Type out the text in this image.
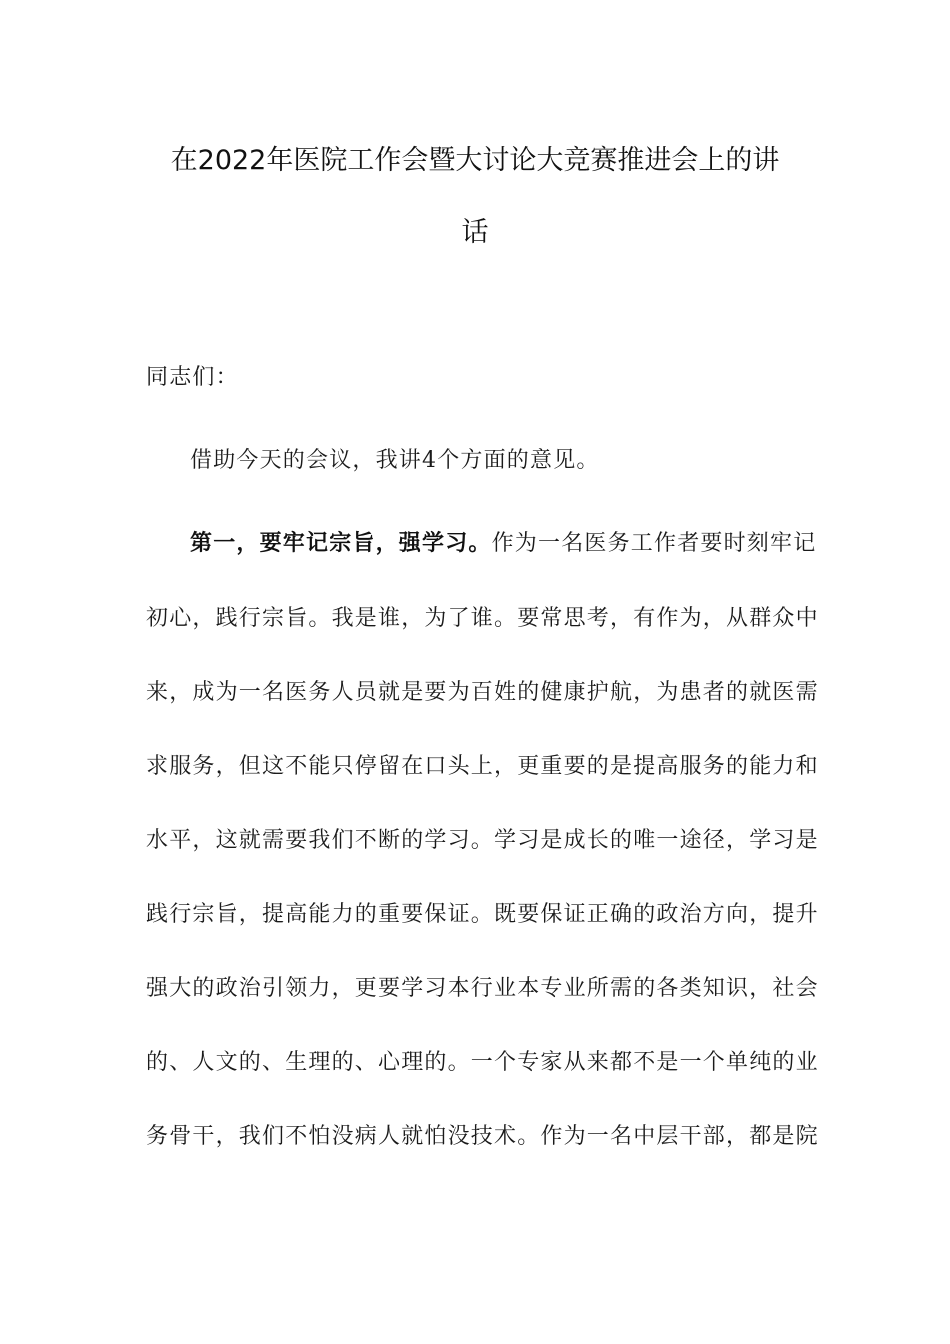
在2022年医院工作会暨大讨论大竞赛推进会上的讲
话
同志们：
借助今天的会议，我讲4个方面的意见。
第一，要牢记宗旨，强学习。 作为一名医务工作者要时刻牢记
初心，践行宗旨。我是谁，为了谁。要常思考，有作为，从群众中
来，成为一名医务人员就是要为百姓的健康护航，为患者的就医需
求服务，但这不能只停留在口头上，更重要的是提高服务的能力和
水平，这就需要我们不断的学习。学习是成长的唯一途径，学习是
践行宗旨，提高能力的重要保证。既要保证正确的政治方向，提升
强大的政治引领力，更要学习本行业本专业所需的各类知识，社会
的、人文的、生理的、心理的。一个专家从来都不是一个单纯的业
务骨干，我们不怕没病人就怕没技术。作为一名中层干部，都是院
